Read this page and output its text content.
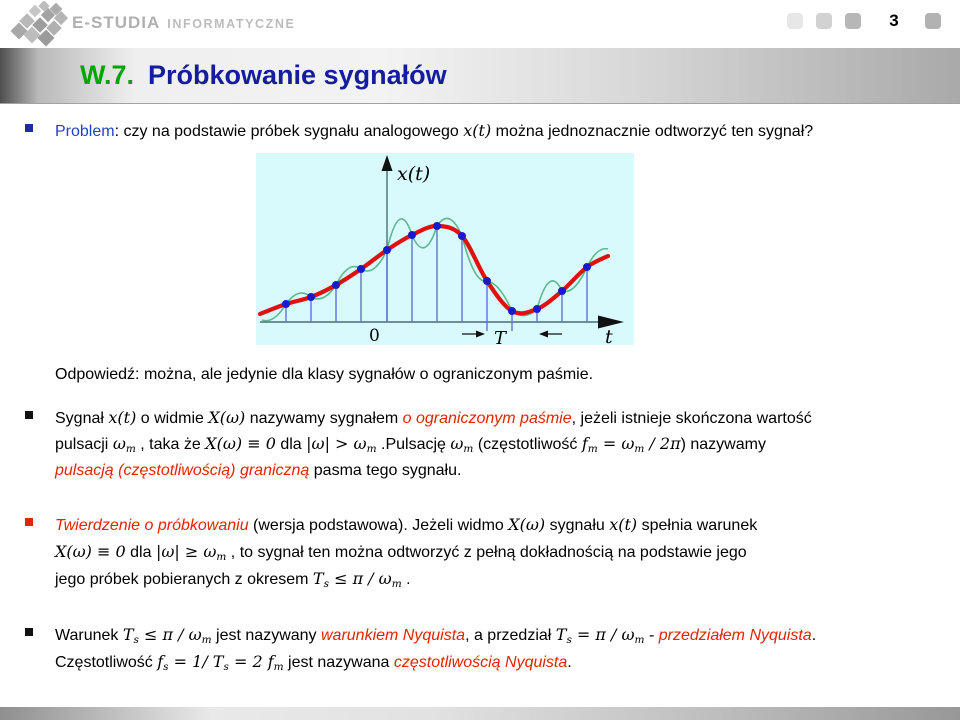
E-STUDIA INFORMATYCZNE	3
W.7. Próbkowanie sygnałów
Problem: czy na podstawie próbek sygnału analogowego x(t) można jednoznacznie odtworzyć ten sygnał?
x(t)
0	t
T
Odpowiedź: można, ale jedynie dla klasy sygnałów o ograniczonym paśmie.
Sygnał x(t) o widmie X(ω) nazywamy sygnałem o ograniczonym paśmie, jeżeli istnieje skończona wartość
pulsacji $\omega_m$ , taka że X(ω) ≡ 0 dla $|\omega| > \omega_m$ .Pulsację $\omega_m$ (częstotliwość $f_m = \omega_m / 2\pi$) nazywamy
pulsacją (częstotliwością) graniczną pasma tego sygnału.
Twierdzenie o próbkowaniu (wersja podstawowa). Jeżeli widmo X(ω) sygnału x(t) spełnia warunek
X(ω) ≡ 0 dla $|\omega| \ge \omega_m$ , to sygnał ten można odtworzyć z pełną dokładnością na podstawie jego
jego próbek pobieranych z okresem $T_s \le \pi / \omega_m$ .
Warunek $T_s \le \pi / \omega_m$ jest nazywany warunkiem Nyquista, a przedział $T_s = \pi / \omega_m$ - przedziałem Nyquista.
Częstotliwość $f_s = 1/$ $T_s = 2$ $f_m$ jest nazywana częstotliwością Nyquista.
